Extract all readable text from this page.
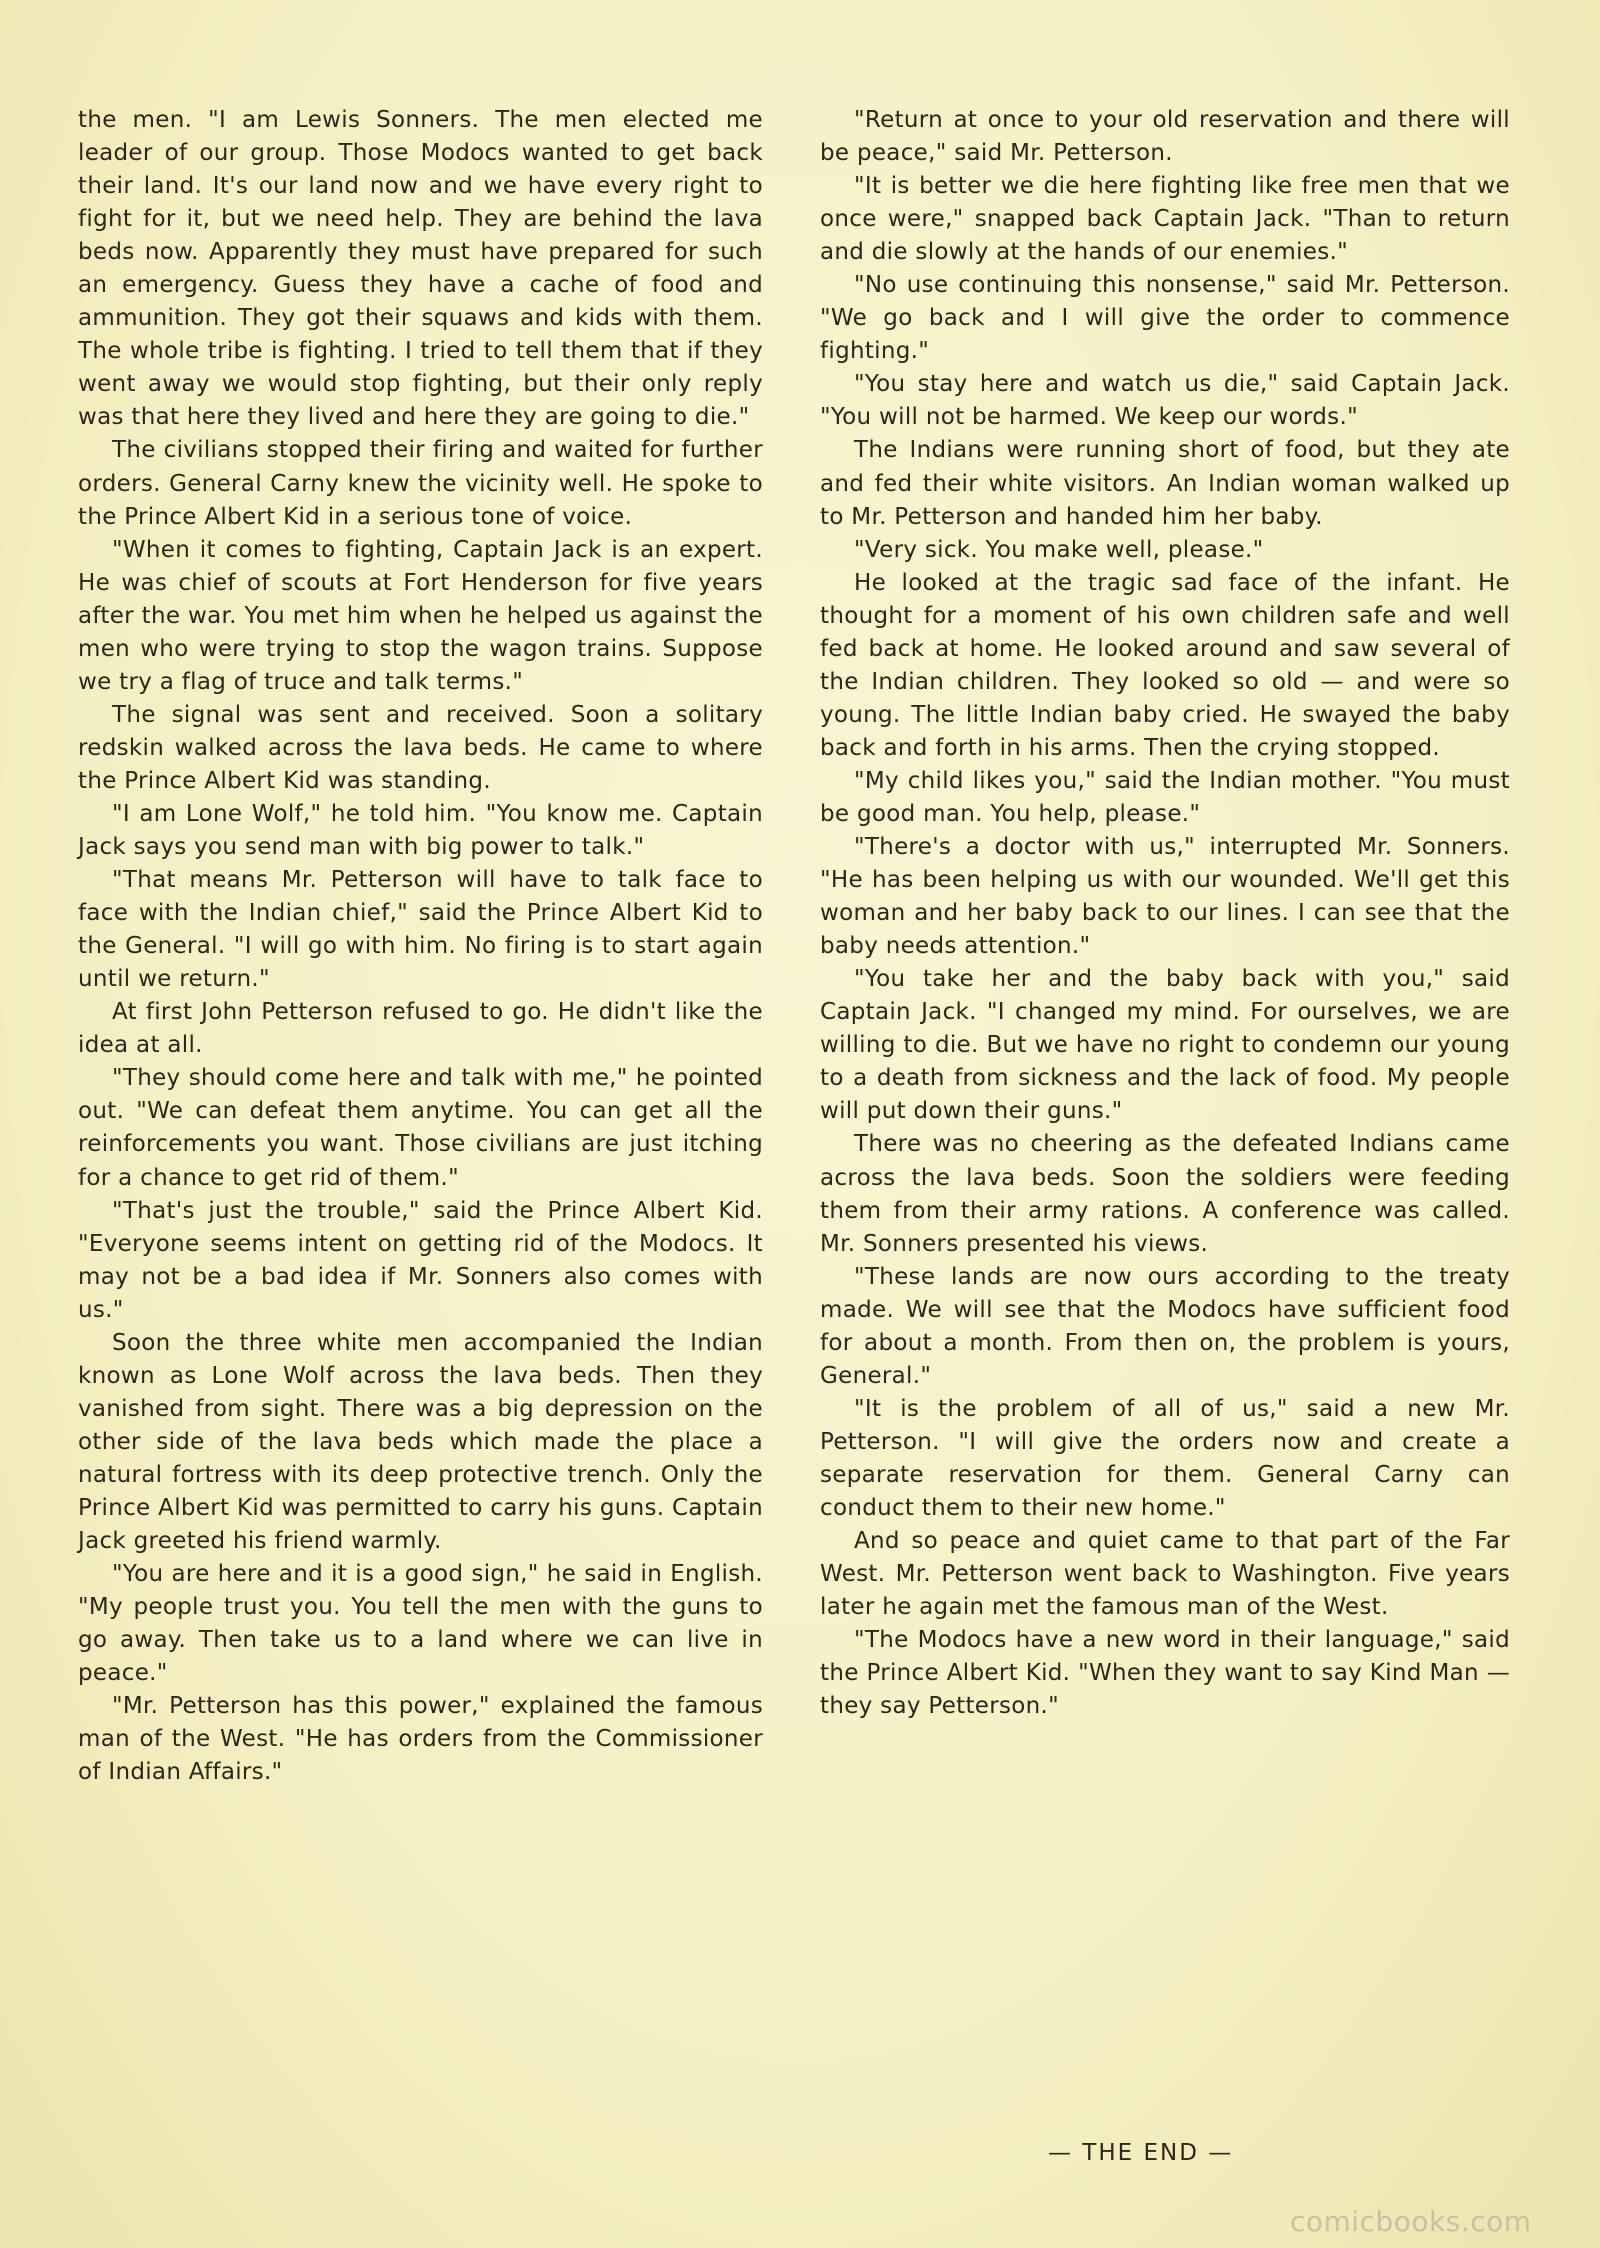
the men. "I am Lewis Sonners. The men elected me leader of our group. Those Modocs wanted to get back their land. It's our land now and we have every right to fight for it, but we need help. They are behind the lava beds now. Apparently they must have prepared for such an emergency. Guess they have a cache of food and ammunition. They got their squaws and kids with them. The whole tribe is fighting. I tried to tell them that if they went away we would stop fighting, but their only reply was that here they lived and here they are going to die."

The civilians stopped their firing and waited for further orders. General Carny knew the vicinity well. He spoke to the Prince Albert Kid in a serious tone of voice.

"When it comes to fighting, Captain Jack is an expert. He was chief of scouts at Fort Henderson for five years after the war. You met him when he helped us against the men who were trying to stop the wagon trains. Suppose we try a flag of truce and talk terms."

The signal was sent and received. Soon a solitary redskin walked across the lava beds. He came to where the Prince Albert Kid was standing.

"I am Lone Wolf," he told him. "You know me. Captain Jack says you send man with big power to talk."

"That means Mr. Petterson will have to talk face to face with the Indian chief," said the Prince Albert Kid to the General. "I will go with him. No firing is to start again until we return."

At first John Petterson refused to go. He didn't like the idea at all.

"They should come here and talk with me," he pointed out. "We can defeat them anytime. You can get all the reinforcements you want. Those civilians are just itching for a chance to get rid of them."

"That's just the trouble," said the Prince Albert Kid. "Everyone seems intent on getting rid of the Modocs. It may not be a bad idea if Mr. Sonners also comes with us."

Soon the three white men accompanied the Indian known as Lone Wolf across the lava beds. Then they vanished from sight. There was a big depression on the other side of the lava beds which made the place a natural fortress with its deep protective trench. Only the Prince Albert Kid was permitted to carry his guns. Captain Jack greeted his friend warmly.

"You are here and it is a good sign," he said in English. "My people trust you. You tell the men with the guns to go away. Then take us to a land where we can live in peace."

"Mr. Petterson has this power," explained the famous man of the West. "He has orders from the Commissioner of Indian Affairs."

"Return at once to your old reservation and there will be peace," said Mr. Petterson.

"It is better we die here fighting like free men that we once were," snapped back Captain Jack. "Than to return and die slowly at the hands of our enemies."

"No use continuing this nonsense," said Mr. Petterson. "We go back and I will give the order to commence fighting."

"You stay here and watch us die," said Captain Jack. "You will not be harmed. We keep our words."

The Indians were running short of food, but they ate and fed their white visitors. An Indian woman walked up to Mr. Petterson and handed him her baby.

"Very sick. You make well, please."

He looked at the tragic sad face of the infant. He thought for a moment of his own children safe and well fed back at home. He looked around and saw several of the Indian children. They looked so old — and were so young. The little Indian baby cried. He swayed the baby back and forth in his arms. Then the crying stopped.

"My child likes you," said the Indian mother. "You must be good man. You help, please."

"There's a doctor with us," interrupted Mr. Sonners. "He has been helping us with our wounded. We'll get this woman and her baby back to our lines. I can see that the baby needs attention."

"You take her and the baby back with you," said Captain Jack. "I changed my mind. For ourselves, we are willing to die. But we have no right to condemn our young to a death from sickness and the lack of food. My people will put down their guns."

There was no cheering as the defeated Indians came across the lava beds. Soon the soldiers were feeding them from their army rations. A conference was called. Mr. Sonners presented his views.

"These lands are now ours according to the treaty made. We will see that the Modocs have sufficient food for about a month. From then on, the problem is yours, General."

"It is the problem of all of us," said a new Mr. Petterson. "I will give the orders now and create a separate reservation for them. General Carny can conduct them to their new home."

And so peace and quiet came to that part of the Far West. Mr. Petterson went back to Washington. Five years later he again met the famous man of the West.

"The Modocs have a new word in their language," said the Prince Albert Kid. "When they want to say Kind Man — they say Petterson."

— THE END —
comicbooks.com
